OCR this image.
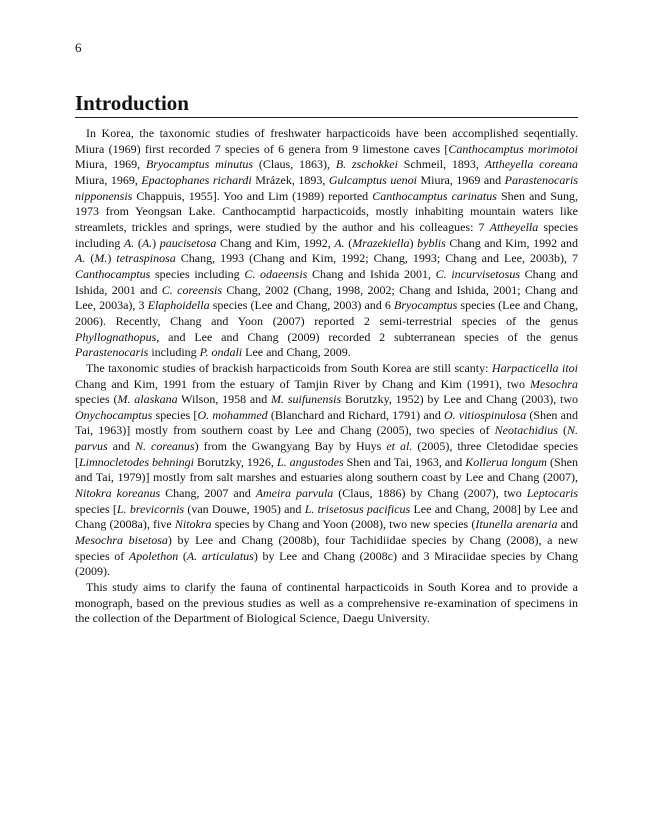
6
Introduction

In Korea, the taxonomic studies of freshwater harpacticoids have been accomplished seqentially. Miura (1969) first recorded 7 species of 6 genera from 9 limestone caves [Canthocamptus morimotoi Miura, 1969, Bryocamptus minutus (Claus, 1863), B. zschokkei Schmeil, 1893, Attheyella coreana Miura, 1969, Epactophanes richardi Mrázek, 1893, Gulcamptus uenoi Miura, 1969 and Parastenocaris nipponensis Chappuis, 1955]. Yoo and Lim (1989) reported Canthocamptus carinatus Shen and Sung, 1973 from Yeongsan Lake. Canthocamptid harpacticoids, mostly inhabiting mountain waters like streamlets, trickles and springs, were studied by the author and his colleagues: 7 Attheyella species including A. (A.) paucisetosa Chang and Kim, 1992, A. (Mrazekiella) byblis Chang and Kim, 1992 and A. (M.) tetraspinosa Chang, 1993 (Chang and Kim, 1992; Chang, 1993; Chang and Lee, 2003b), 7 Canthocamptus species including C. odaeensis Chang and Ishida 2001, C. incurvisetosus Chang and Ishida, 2001 and C. coreensis Chang, 2002 (Chang, 1998, 2002; Chang and Ishida, 2001; Chang and Lee, 2003a), 3 Elaphoidella species (Lee and Chang, 2003) and 6 Bryocamptus species (Lee and Chang, 2006). Recently, Chang and Yoon (2007) reported 2 semi-terrestrial species of the genus Phyllognathopus, and Lee and Chang (2009) recorded 2 subterranean species of the genus Parastenocaris including P. ondali Lee and Chang, 2009.

The taxonomic studies of brackish harpacticoids from South Korea are still scanty: Harpacticella itoi Chang and Kim, 1991 from the estuary of Tamjin River by Chang and Kim (1991), two Mesochra species (M. alaskana Wilson, 1958 and M. suifunensis Borutzky, 1952) by Lee and Chang (2003), two Onychocamptus species [O. mohammed (Blanchard and Richard, 1791) and O. vitiospinulosa (Shen and Tai, 1963)] mostly from southern coast by Lee and Chang (2005), two species of Neotachidius (N. parvus and N. coreanus) from the Gwangyang Bay by Huys et al. (2005), three Cletodidae species [Limnocletodes behningi Borutzky, 1926, L. angustodes Shen and Tai, 1963, and Kollerua longum (Shen and Tai, 1979)] mostly from salt marshes and estuaries along southern coast by Lee and Chang (2007), Nitokra koreanus Chang, 2007 and Ameira parvula (Claus, 1886) by Chang (2007), two Leptocaris species [L. brevicornis (van Douwe, 1905) and L. trisetosus pacificus Lee and Chang, 2008] by Lee and Chang (2008a), five Nitokra species by Chang and Yoon (2008), two new species (Itunella arenaria and Mesochra bisetosa) by Lee and Chang (2008b), four Tachidiidae species by Chang (2008), a new species of Apolethon (A. articulatus) by Lee and Chang (2008c) and 3 Miraciidae species by Chang (2009).

This study aims to clarify the fauna of continental harpacticoids in South Korea and to provide a monograph, based on the previous studies as well as a comprehensive re-examination of specimens in the collection of the Department of Biological Science, Daegu University.
